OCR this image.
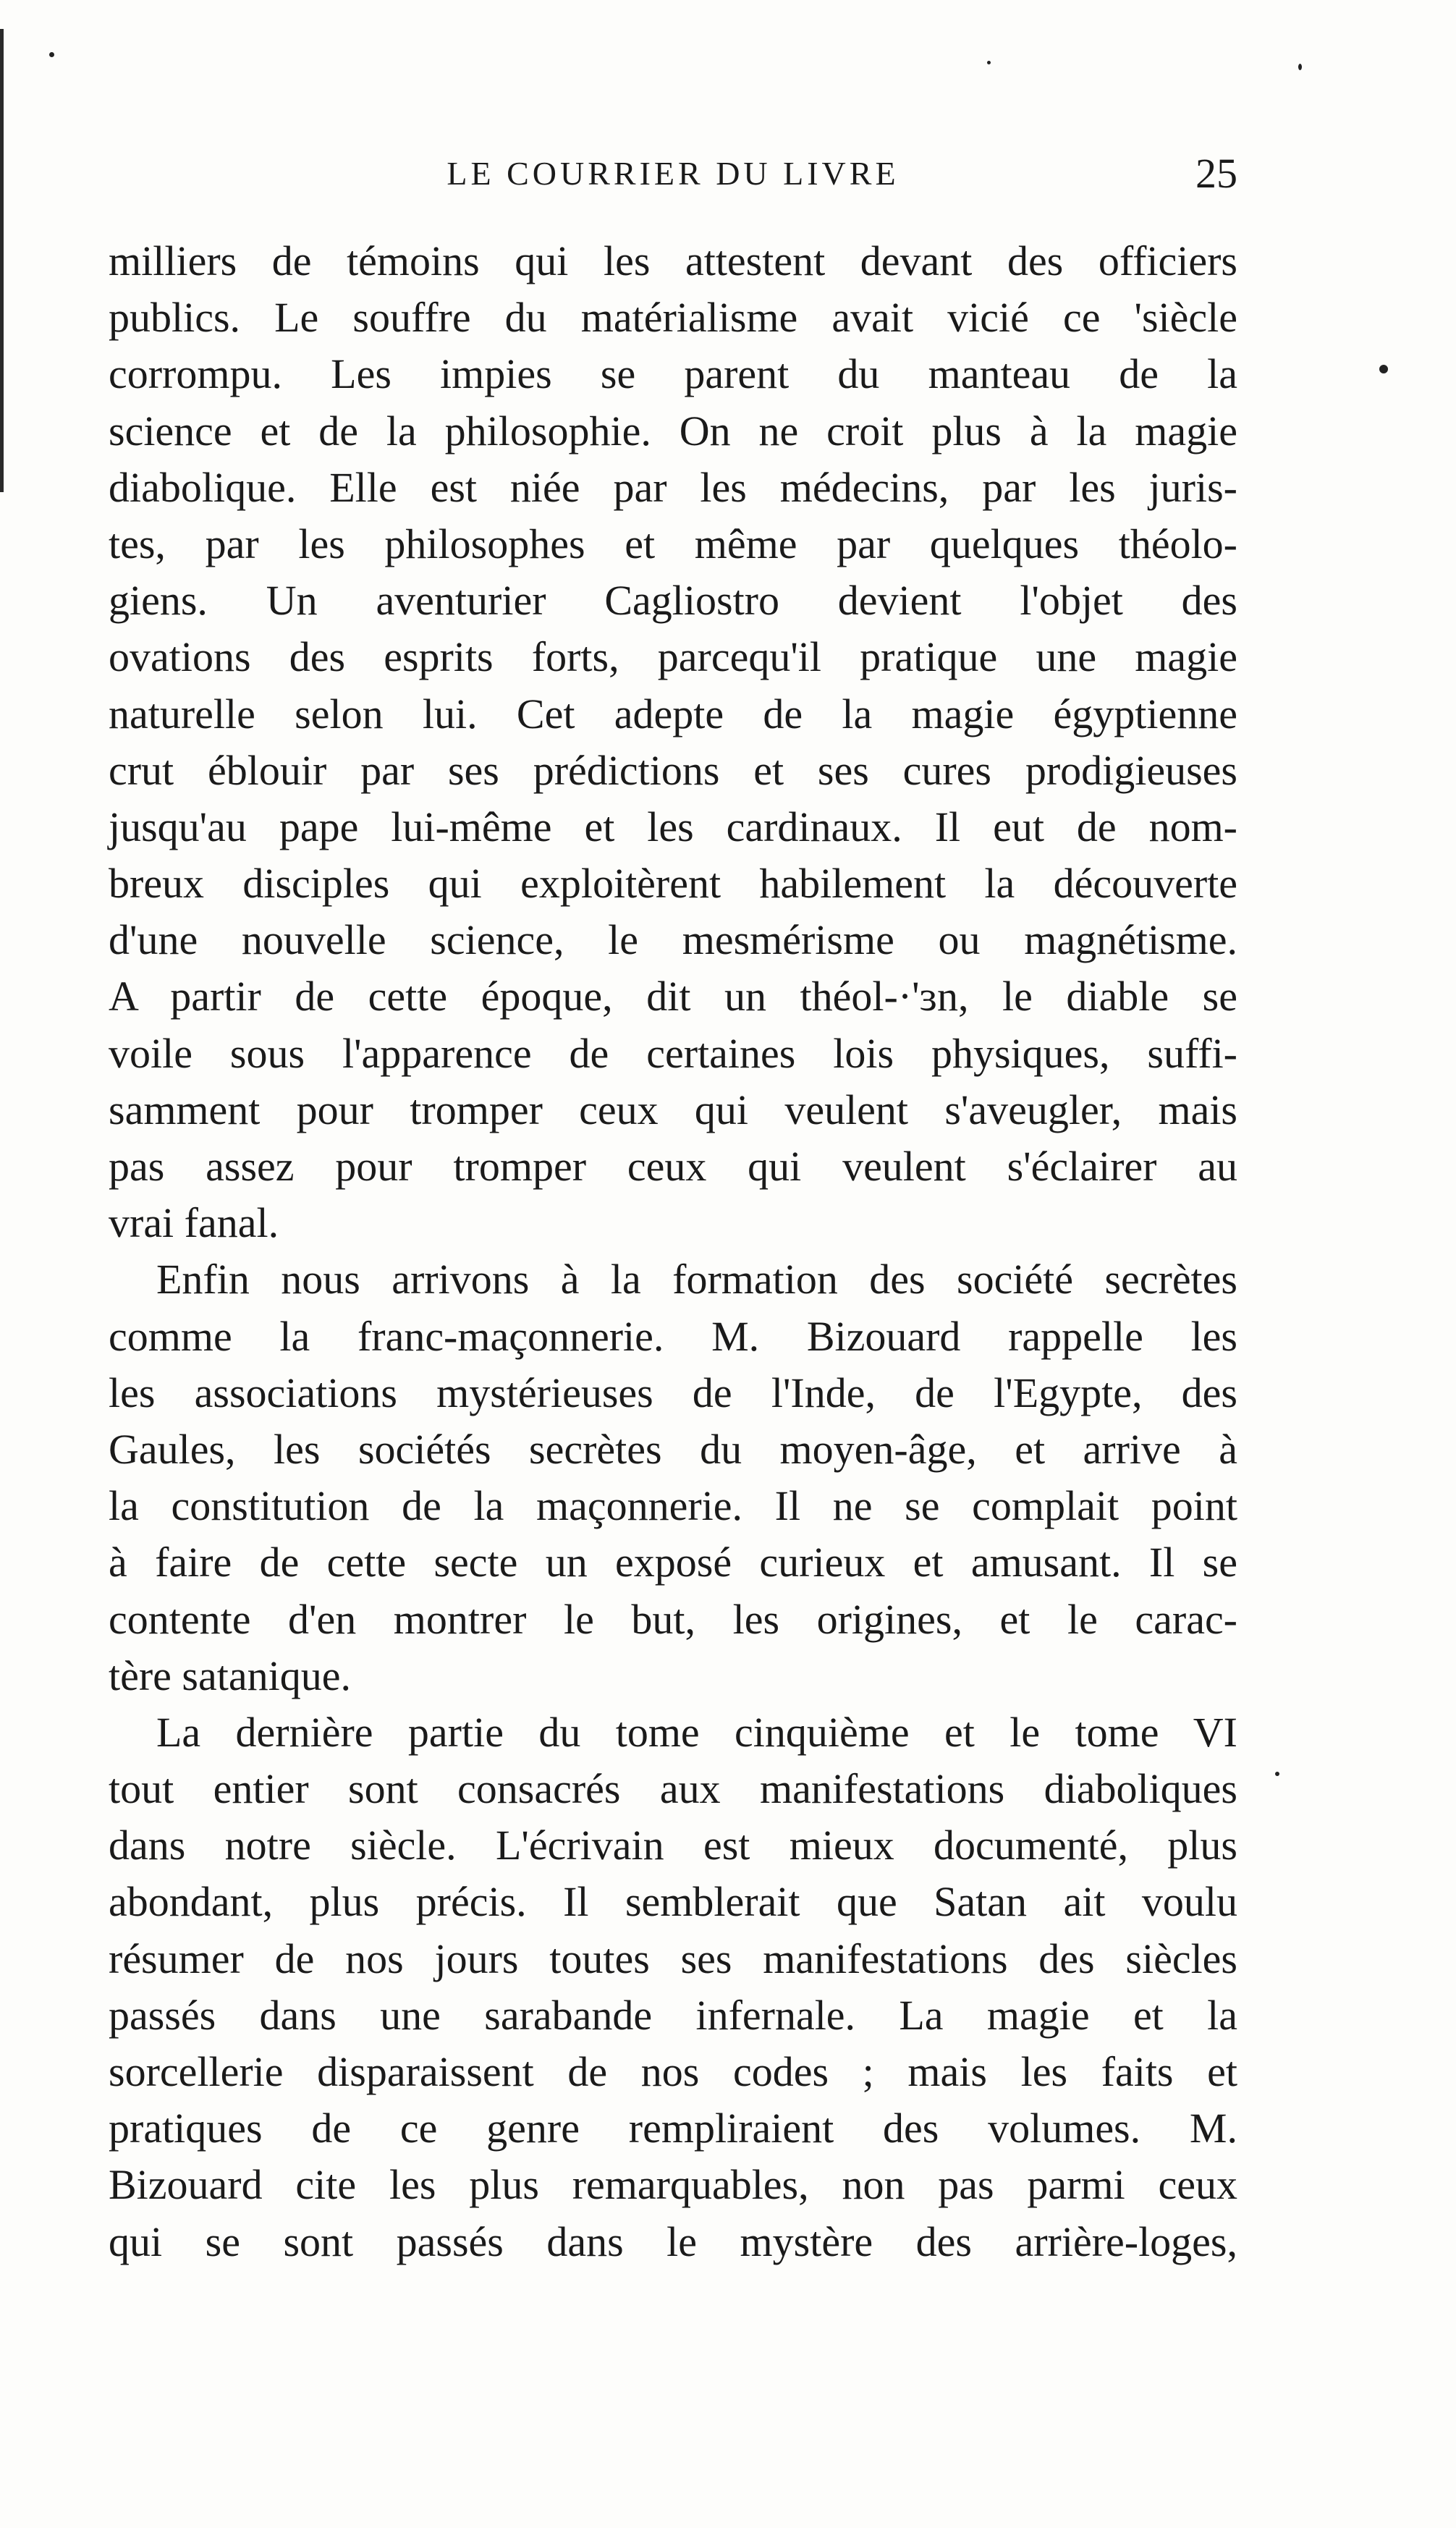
LE COURRIER DU LIVRE	25
milliers de témoins qui les attestent devant des officiers
publics. Le souffre du matérialisme avait vicié ce 'siècle
corrompu. Les impies se parent du manteau de la
science et de la philosophie. On ne croit plus à la magie
diabolique. Elle est niée par les médecins, par les juris-
tes, par les philosophes et même par quelques théolo-
giens. Un aventurier Cagliostro devient l'objet des
ovations des esprits forts, parcequ'il pratique une magie
naturelle selon lui. Cet adepte de la magie égyptienne
crut éblouir par ses prédictions et ses cures prodigieuses
jusqu'au pape lui-même et les cardinaux. Il eut de nom-
breux disciples qui exploitèrent habilement la découverte
d'une nouvelle science, le mesmérisme ou magnétisme.
A partir de cette époque, dit un théol-·'ɜn, le diable se
voile sous l'apparence de certaines lois physiques, suffi-
samment pour tromper ceux qui veulent s'aveugler, mais
pas assez pour tromper ceux qui veulent s'éclairer au
vrai fanal.
Enfin nous arrivons à la formation des société secrètes
comme la franc-maçonnerie. M. Bizouard rappelle les
les associations mystérieuses de l'Inde, de l'Egypte, des
Gaules, les sociétés secrètes du moyen-âge, et arrive à
la constitution de la maçonnerie. Il ne se complait point
à faire de cette secte un exposé curieux et amusant. Il se
contente d'en montrer le but, les origines, et le carac-
tère satanique.
La dernière partie du tome cinquième et le tome VI
tout entier sont consacrés aux manifestations diaboliques
dans notre siècle. L'écrivain est mieux documenté, plus
abondant, plus précis. Il semblerait que Satan ait voulu
résumer de nos jours toutes ses manifestations des siècles
passés dans une sarabande infernale. La magie et la
sorcellerie disparaissent de nos codes ; mais les faits et
pratiques de ce genre rempliraient des volumes. M.
Bizouard cite les plus remarquables, non pas parmi ceux
qui se sont passés dans le mystère des arrière-loges,
